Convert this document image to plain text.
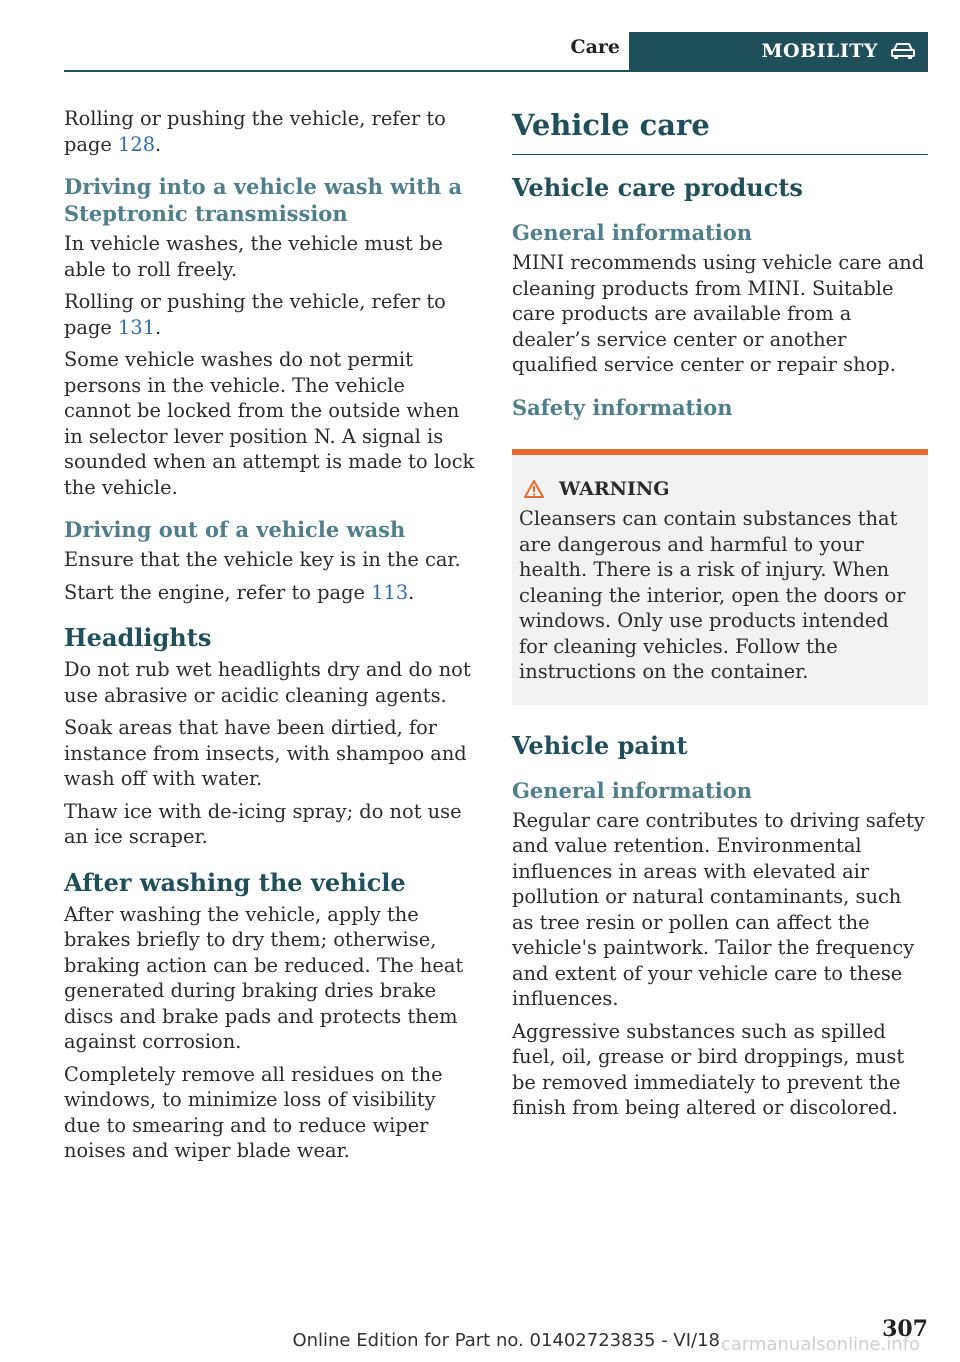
Care	MOBILITY

Rolling or pushing the vehicle, refer to page 128.

Driving into a vehicle wash with a Steptronic transmission

In vehicle washes, the vehicle must be able to roll freely.

Rolling or pushing the vehicle, refer to page 131.

Some vehicle washes do not permit persons in the vehicle. The vehicle cannot be locked from the outside when in selector lever position N. A signal is sounded when an attempt is made to lock the vehicle.

Driving out of a vehicle wash

Ensure that the vehicle key is in the car.

Start the engine, refer to page 113.

Headlights

Do not rub wet headlights dry and do not use abrasive or acidic cleaning agents.

Soak areas that have been dirtied, for instance from insects, with shampoo and wash off with water.

Thaw ice with de-icing spray; do not use an ice scraper.

After washing the vehicle

After washing the vehicle, apply the brakes briefly to dry them; otherwise, braking action can be reduced. The heat generated during braking dries brake discs and brake pads and protects them against corrosion.

Completely remove all residues on the windows, to minimize loss of visibility due to smearing and to reduce wiper noises and wiper blade wear.

Vehicle care
Vehicle care products
General information

MINI recommends using vehicle care and cleaning products from MINI. Suitable care products are available from a dealer’s service center or another qualified service center or repair shop.

Safety information
WARNING

Cleansers can contain substances that are dangerous and harmful to your health. There is a risk of injury. When cleaning the interior, open the doors or windows. Only use products intended for cleaning vehicles. Follow the instructions on the container.

Vehicle paint
General information

Regular care contributes to driving safety and value retention. Environmental influences in areas with elevated air pollution or natural contaminants, such as tree resin or pollen can affect the vehicle's paintwork. Tailor the frequency and extent of your vehicle care to these influences.

Aggressive substances such as spilled fuel, oil, grease or bird droppings, must be removed immediately to prevent the finish from being altered or discolored.

307
Online Edition for Part no. 01402723835 - VI/18 carmanualsonline.info
